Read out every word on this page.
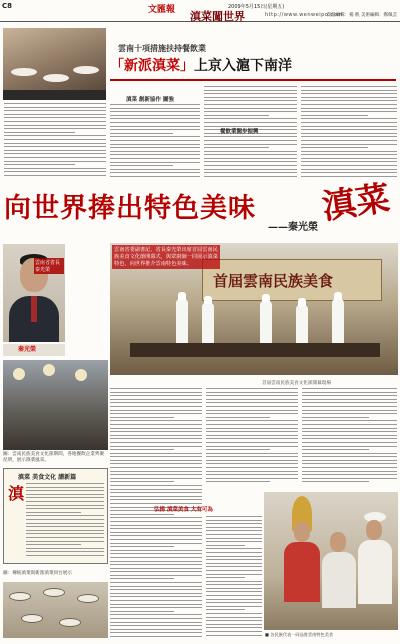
C8	文匯報	2009年5月15日(星期五)
滇菜闖世界	http://www.wenweipo.com
責任編輯：楊 帆 美術編輯：鄭佩芸
雲南十項措施扶持餐飲業
「新派滇菜」上京入滬下南洋
滇菜 創新協作 圖強
餐飲業闊步振興
向世界捧出特色美味
——秦光榮 滇菜
雲南省省長秦光榮
秦光榮
圖：雲南民族美食文化節期間，各地餐飲企業齊聚昆明，展示滇菜風采。
首屆雲南民族美食
雲南省委副書記、省長秦光榮出席首屆雲南民族美食文化節開幕式，與眾廚師一同展示滇菜特色，向世界推介雲南特色美味。
首屆雲南民族美食文化節開幕現場
弘揚 滇菜美食 大有可為
滇菜 美食文化 譜新篇
滇
圖：傳統滇菜與新派滇菜同台展示
■ 各民族代表一同品嘗雲南特色美食
